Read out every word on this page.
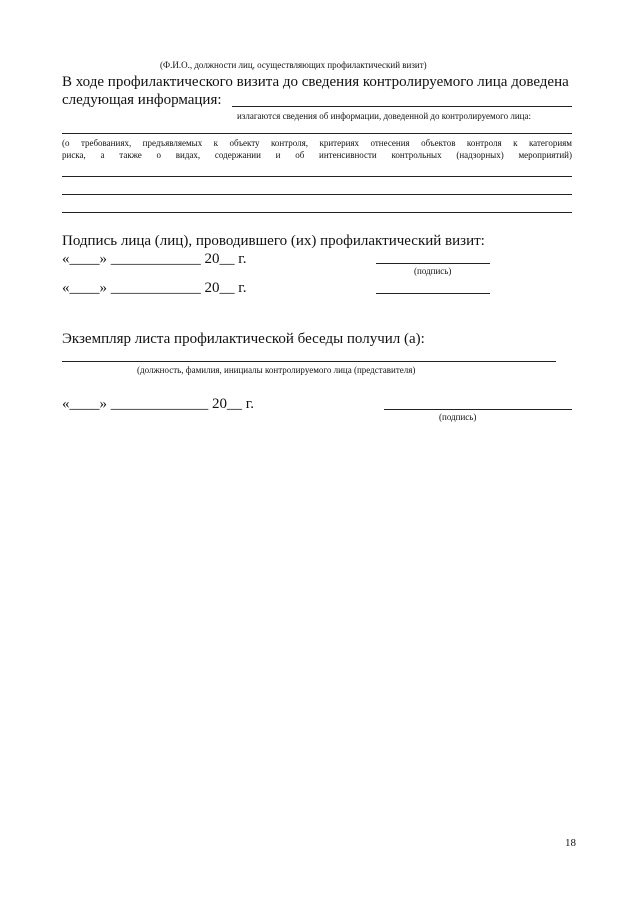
(Ф.И.О., должности лиц, осуществляющих профилактический визит)
В ходе профилактического визита до сведения контролируемого лица доведена
следующая информация:
излагаются сведения об информации, доведенной до контролируемого лица:
(о требованиях, предъявляемых к объекту контроля, критериях отнесения объектов контроля к категориям
риска, а также о видах, содержании и об интенсивности контрольных (надзорных) мероприятий)
Подпись лица (лиц), проводившего (их) профилактический визит:
«____» ____________ 20__ г.
(подпись)
«____» ____________ 20__ г.
Экземпляр листа профилактической беседы получил (а):
(должность, фамилия, инициалы контролируемого лица (представителя)
«____» _____________ 20__ г.
(подпись)
18
